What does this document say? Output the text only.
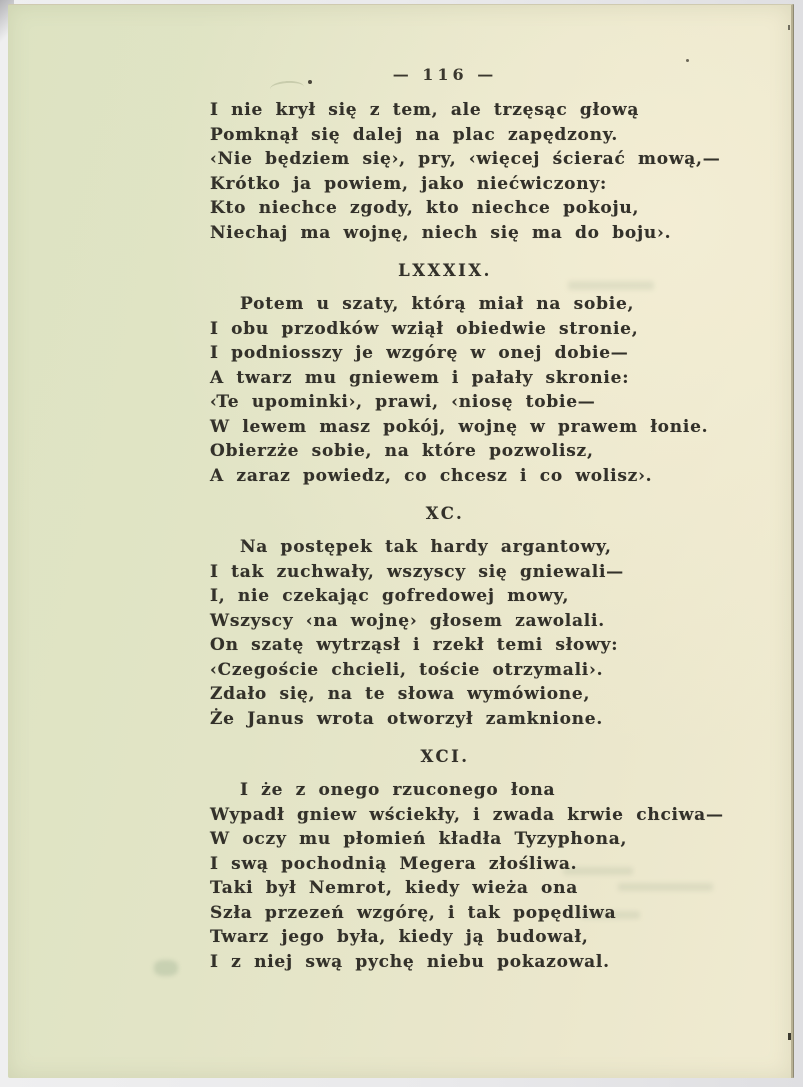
— 116 —
I nie krył się z tem, ale trzęsąc głową
Pomknął się dalej na plac zapędzony.
‹Nie będziem się›, pry, ‹więcej ścierać mową,—
Krótko ja powiem, jako niećwiczony:
Kto niechce zgody, kto niechce pokoju,
Niechaj ma wojnę, niech się ma do boju›.
LXXXIX.
Potem u szaty, którą miał na sobie,
I obu przodków wziął obiedwie stronie,
I podniosszy je wzgórę w onej dobie—
A twarz mu gniewem i pałały skronie:
‹Te upominki›, prawi, ‹niosę tobie—
W lewem masz pokój, wojnę w prawem łonie.
Obierzże sobie, na które pozwolisz,
A zaraz powiedz, co chcesz i co wolisz›.
XC.
Na postępek tak hardy argantowy,
I tak zuchwały, wszyscy się gniewali—
I, nie czekając gofredowej mowy,
Wszyscy ‹na wojnę› głosem zawolali.
On szatę wytrząsł i rzekł temi słowy:
‹Czegoście chcieli, toście otrzymali›.
Zdało się, na te słowa wymówione,
Że Janus wrota otworzył zamknione.
XCI.
I że z onego rzuconego łona
Wypadł gniew wściekły, i zwada krwie chciwa—
W oczy mu płomień kładła Tyzyphona,
I swą pochodnią Megera złośliwa.
Taki był Nemrot, kiedy wieża ona
Szła przezeń wzgórę, i tak popędliwa
Twarz jego była, kiedy ją budował,
I z niej swą pychę niebu pokazowal.
